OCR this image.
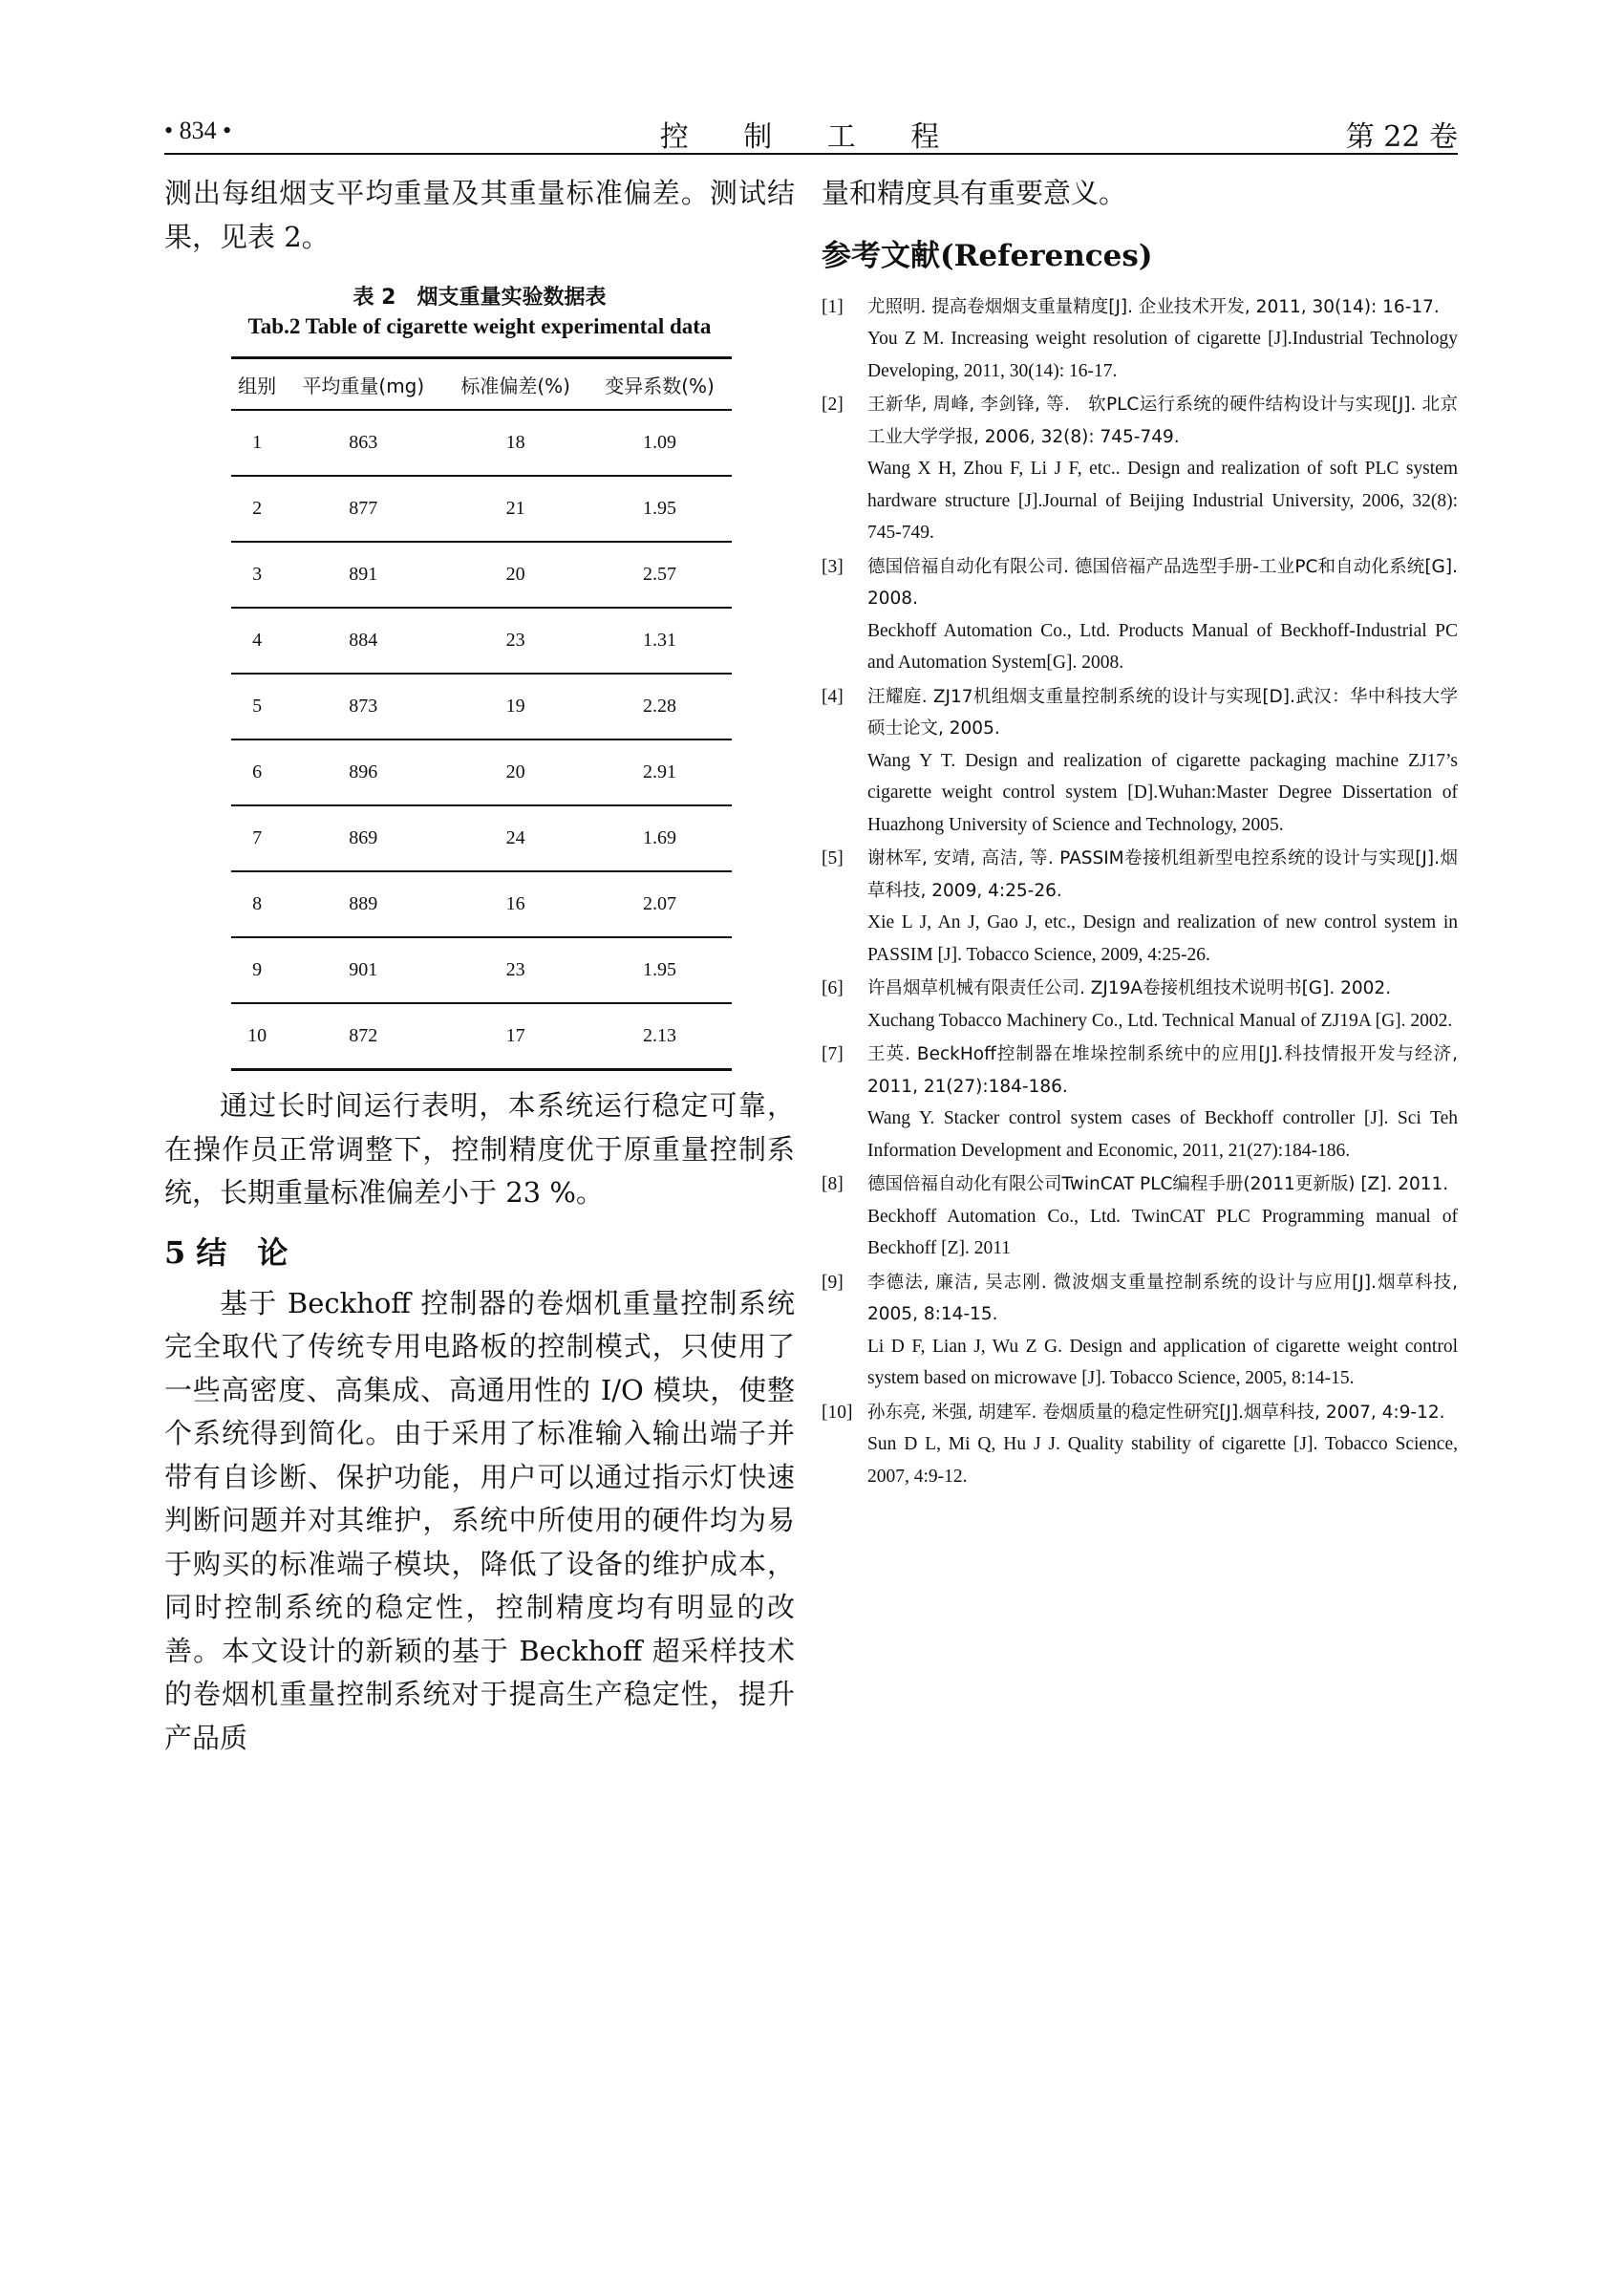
• 834 •	控 制 工 程	第 22 卷

测出每组烟支平均重量及其重量标准偏差。测试结果，见表 2。

表 2　烟支重量实验数据表
Tab.2 Table of cigarette weight experimental data
组别	平均重量(mg)	标准偏差(%)	变异系数(%)
1	863	18	1.09
2	877	21	1.95
3	891	20	2.57
4	884	23	1.31
5	873	19	2.28
6	896	20	2.91
7	869	24	1.69
8	889	16	2.07
9	901	23	1.95
10	872	17	2.13

通过长时间运行表明，本系统运行稳定可靠，在操作员正常调整下，控制精度优于原重量控制系统，长期重量标准偏差小于 23 %。

5 结　论

基于 Beckhoff 控制器的卷烟机重量控制系统完全取代了传统专用电路板的控制模式，只使用了一些高密度、高集成、高通用性的 I/O 模块，使整个系统得到简化。由于采用了标准输入输出端子并带有自诊断、保护功能，用户可以通过指示灯快速判断问题并对其维护，系统中所使用的硬件均为易于购买的标准端子模块，降低了设备的维护成本，同时控制系统的稳定性，控制精度均有明显的改善。本文设计的新颖的基于 Beckhoff 超采样技术的卷烟机重量控制系统对于提高生产稳定性，提升产品质

量和精度具有重要意义。

参考文献(References)
[1]	尤照明. 提高卷烟烟支重量精度[J]. 企业技术开发, 2011, 30(14): 16-17.

You Z M. Increasing weight resolution of cigarette [J].Industrial Technology Developing, 2011, 30(14): 16-17.

[2]	王新华, 周峰, 李剑锋, 等.　软PLC运行系统的硬件结构设计与实现[J]. 北京工业大学学报, 2006, 32(8): 745-749.

Wang X H, Zhou F, Li J F, etc.. Design and realization of soft PLC system hardware structure [J].Journal of Beijing Industrial University, 2006, 32(8): 745-749.

[3]	德国倍福自动化有限公司. 德国倍福产品选型手册-工业PC和自动化系统[G]. 2008.

Beckhoff Automation Co., Ltd. Products Manual of Beckhoff-Industrial PC and Automation System[G]. 2008.

[4]	汪耀庭. ZJ17机组烟支重量控制系统的设计与实现[D].武汉：华中科技大学硕士论文, 2005.

Wang Y T. Design and realization of cigarette packaging machine ZJ17’s cigarette weight control system [D].Wuhan:Master Degree Dissertation of Huazhong University of Science and Technology, 2005.

[5]	谢林军, 安靖, 高洁, 等. PASSIM卷接机组新型电控系统的设计与实现[J].烟草科技, 2009, 4:25-26.

Xie L J, An J, Gao J, etc., Design and realization of new control system in PASSIM [J]. Tobacco Science, 2009, 4:25-26.

[6]	许昌烟草机械有限责任公司. ZJ19A卷接机组技术说明书[G]. 2002.

Xuchang Tobacco Machinery Co., Ltd. Technical Manual of ZJ19A [G]. 2002.

[7]	王英. BeckHoff控制器在堆垛控制系统中的应用[J].科技情报开发与经济, 2011, 21(27):184-186.

Wang Y. Stacker control system cases of Beckhoff controller [J]. Sci Teh Information Development and Economic, 2011, 21(27):184-186.

[8]	德国倍福自动化有限公司TwinCAT PLC编程手册(2011更新版) [Z]. 2011.

Beckhoff Automation Co., Ltd. TwinCAT PLC Programming manual of Beckhoff [Z]. 2011

[9]	李德法, 廉洁, 吴志刚. 微波烟支重量控制系统的设计与应用[J].烟草科技, 2005, 8:14-15.

Li D F, Lian J, Wu Z G. Design and application of cigarette weight control system based on microwave [J]. Tobacco Science, 2005, 8:14-15.

[10] 孙东亮, 米强, 胡建军. 卷烟质量的稳定性研究[J].烟草科技, 2007, 4:9-12.

Sun D L, Mi Q, Hu J J. Quality stability of cigarette [J]. Tobacco Science, 2007, 4:9-12.
